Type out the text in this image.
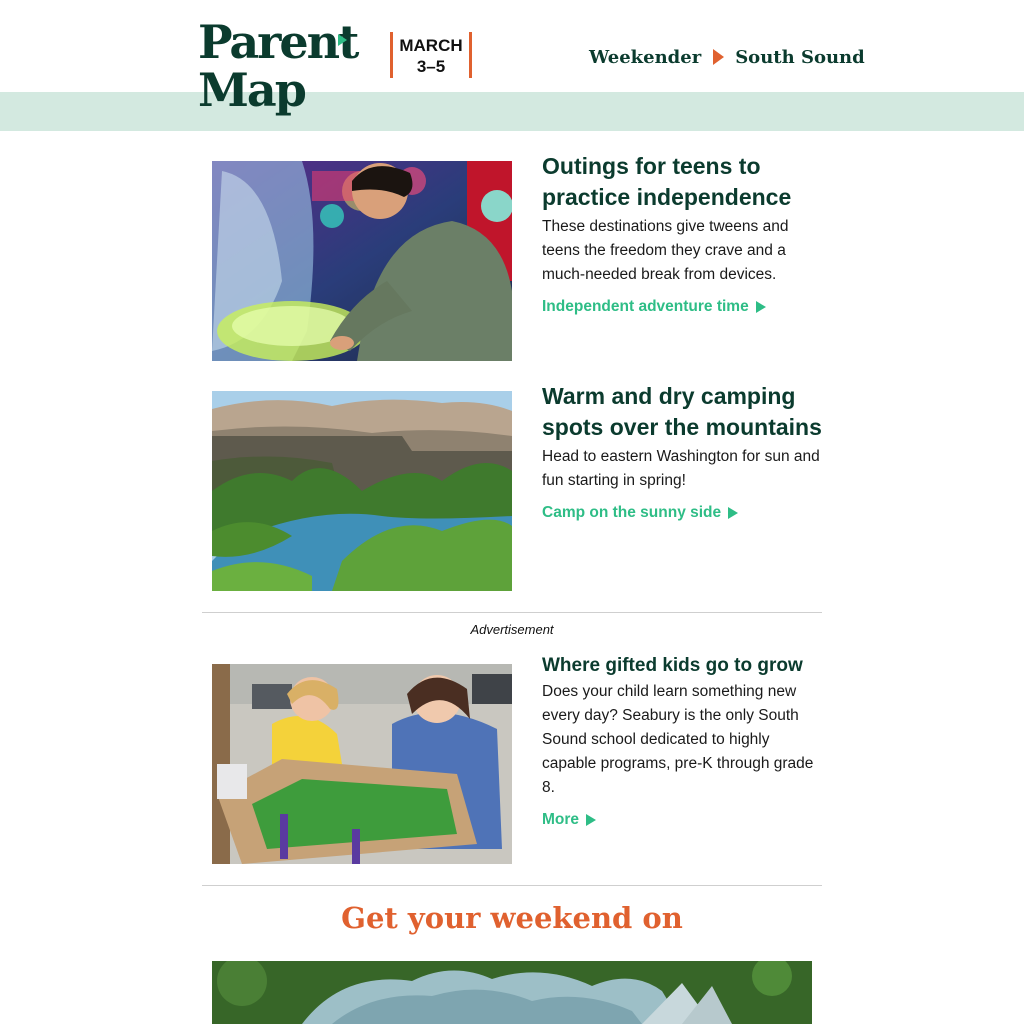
Parent
Map
MARCH
3–5	Weekender South Sound
Outings for teens to practice independence

These destinations give tweens and teens the freedom they crave and a much-needed break from devices.

Independent adventure time
Warm and dry camping spots over the mountains

Head to eastern Washington for sun and fun starting in spring!

Camp on the sunny side
Advertisement
Where gifted kids go to grow

Does your child learn something new every day? Seabury is the only South Sound school dedicated to highly capable programs, pre-K through grade 8.

More
Get your weekend on
